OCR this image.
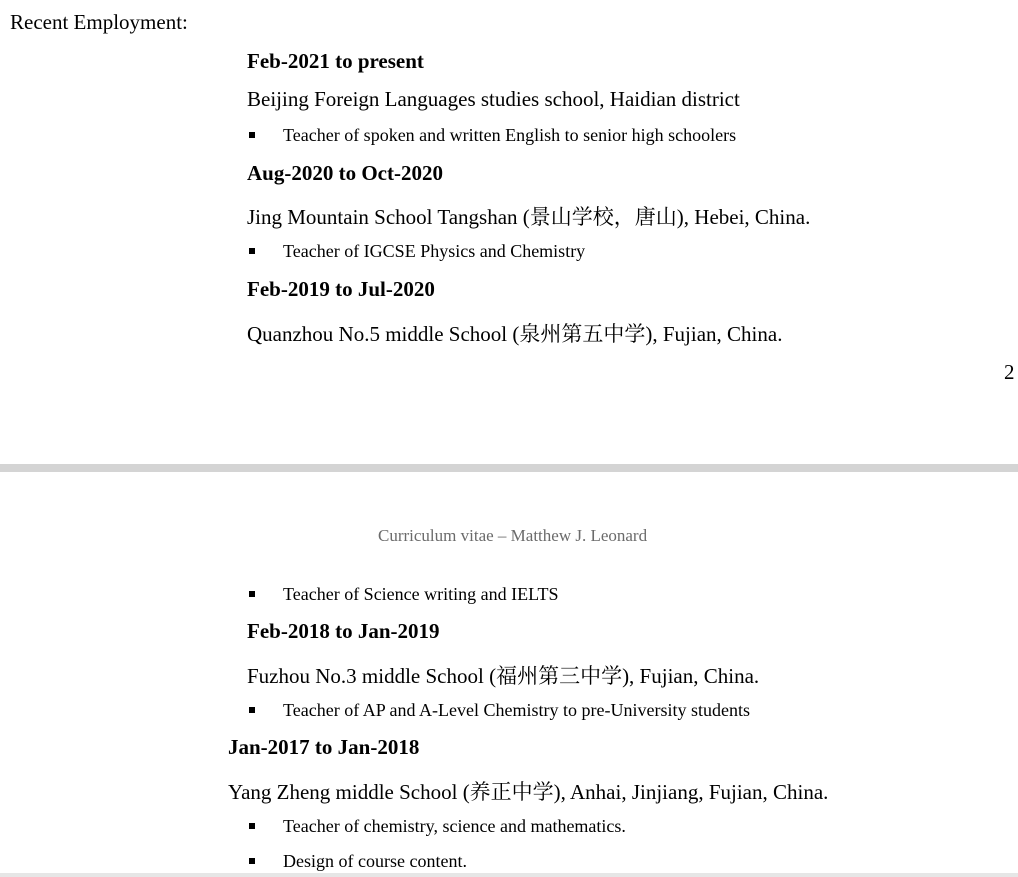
Recent Employment:
Feb-2021 to present
Beijing Foreign Languages studies school, Haidian district
Teacher of spoken and written English to senior high schoolers
Aug-2020 to Oct-2020
Jing Mountain School Tangshan (景山学校，唐山), Hebei, China.
Teacher of IGCSE Physics and Chemistry
Feb-2019 to Jul-2020
Quanzhou No.5 middle School (泉州第五中学), Fujian, China.
2
Curriculum vitae – Matthew J. Leonard
Teacher of Science writing and IELTS
Feb-2018 to Jan-2019
Fuzhou No.3 middle School (福州第三中学), Fujian, China.
Teacher of AP and A-Level Chemistry to pre-University students
Jan-2017 to Jan-2018
Yang Zheng middle School (养正中学), Anhai, Jinjiang, Fujian, China.
Teacher of chemistry, science and mathematics.
Design of course content.
